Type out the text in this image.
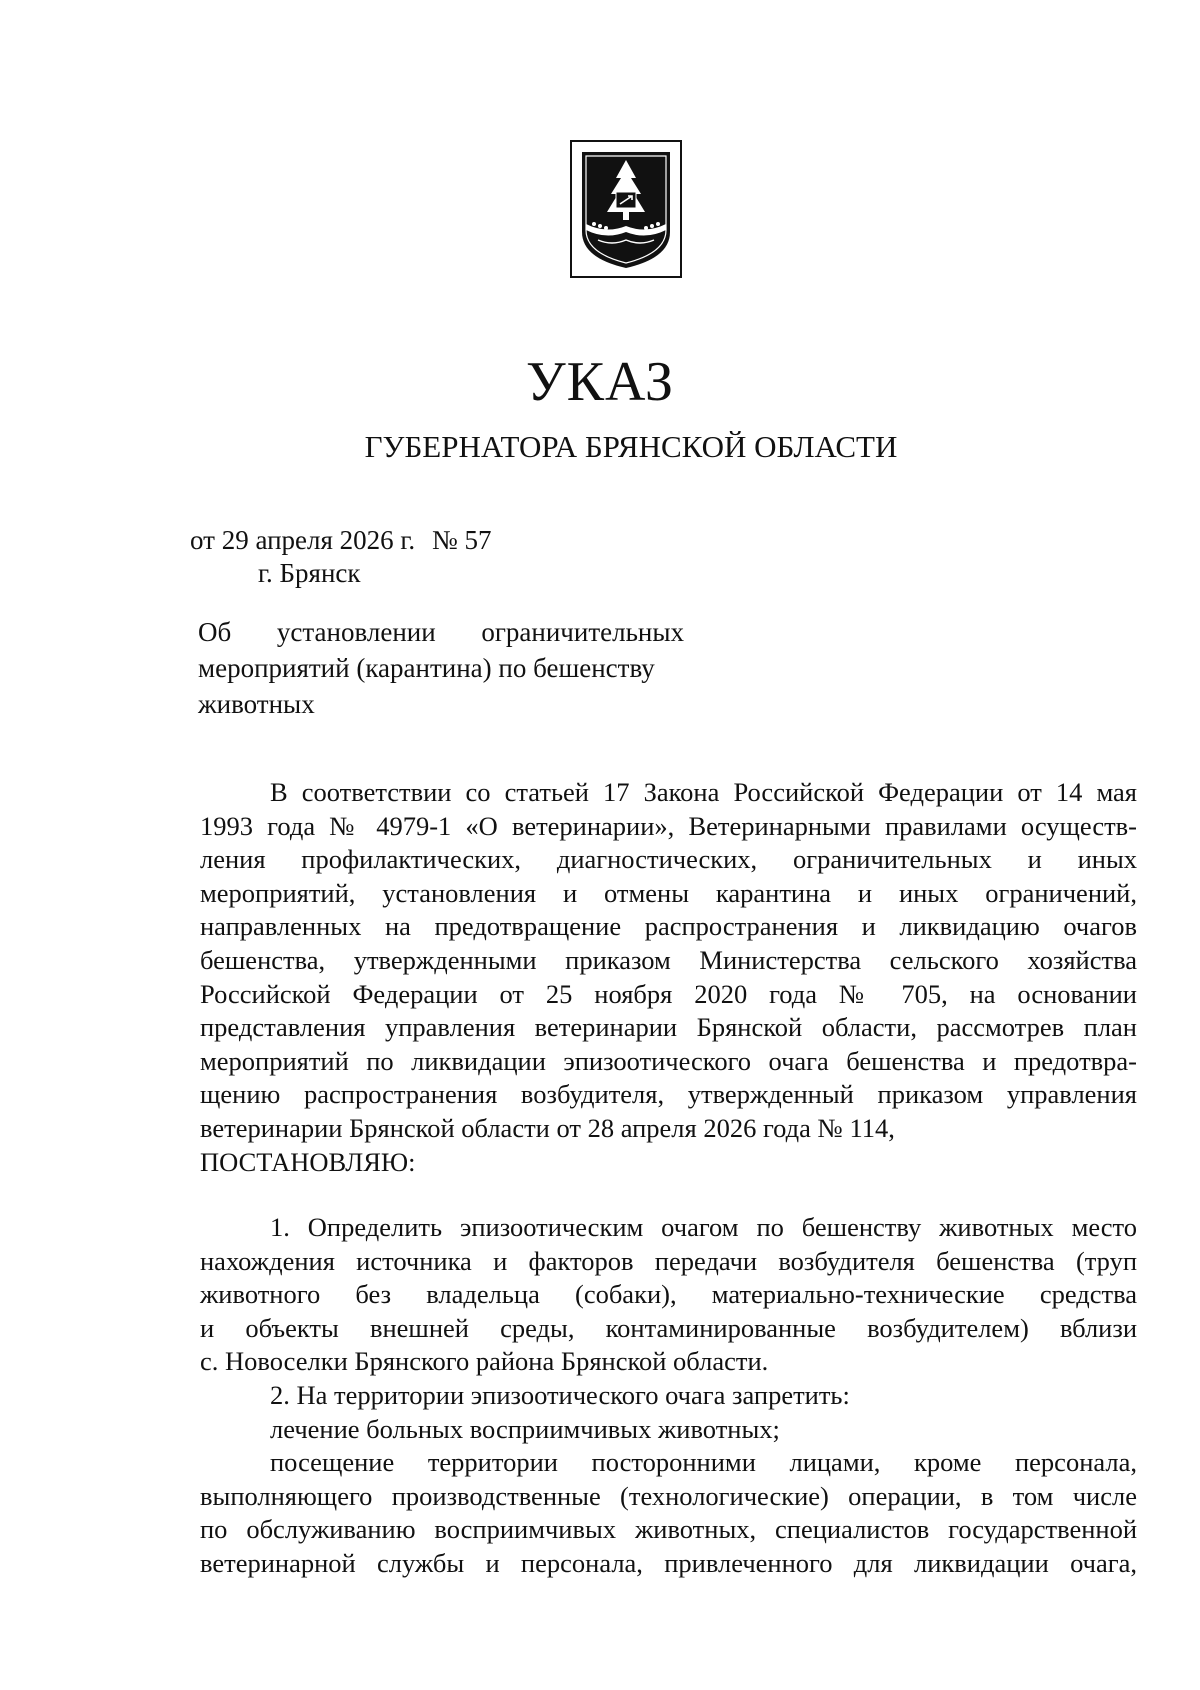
УКАЗ
ГУБЕРНАТОРА БРЯНСКОЙ ОБЛАСТИ
от 29 апреля 2026 г. № 57
г. Брянск
Об установлении ограничительных
мероприятий (карантина) по бешенству
животных
В соответствии со статьей 17 Закона Российской Федерации от 14 мая
1993 года № 4979-1 «О ветеринарии», Ветеринарными правилами осуществ-
ления профилактических, диагностических, ограничительных и иных
мероприятий, установления и отмены карантина и иных ограничений,
направленных на предотвращение распространения и ликвидацию очагов
бешенства, утвержденными приказом Министерства сельского хозяйства
Российской Федерации от 25 ноября 2020 года № 705, на основании
представления управления ветеринарии Брянской области, рассмотрев план
мероприятий по ликвидации эпизоотического очага бешенства и предотвра-
щению распространения возбудителя, утвержденный приказом управления
ветеринарии Брянской области от 28 апреля 2026 года № 114,
ПОСТАНОВЛЯЮ:
1. Определить эпизоотическим очагом по бешенству животных место
нахождения источника и факторов передачи возбудителя бешенства (труп
животного без владельца (собаки), материально-технические средства
и объекты внешней среды, контаминированные возбудителем) вблизи
с. Новоселки Брянского района Брянской области.
2. На территории эпизоотического очага запретить:
лечение больных восприимчивых животных;
посещение территории посторонними лицами, кроме персонала,
выполняющего производственные (технологические) операции, в том числе
по обслуживанию восприимчивых животных, специалистов государственной
ветеринарной службы и персонала, привлеченного для ликвидации очага,
